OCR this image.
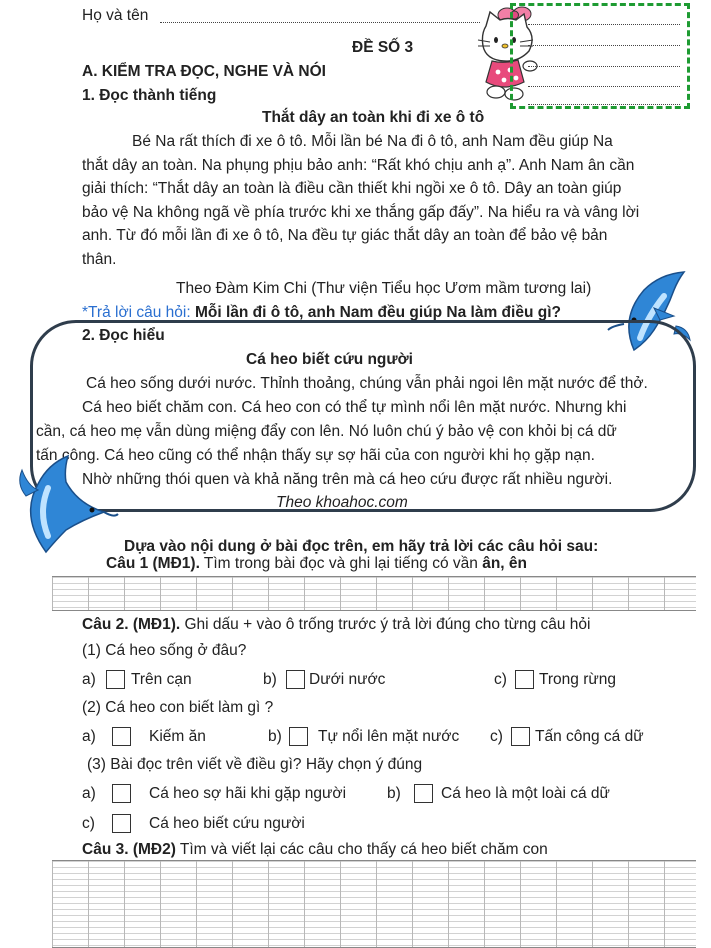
Họ và tên
ĐỀ SỐ 3
A. KIỂM TRA ĐỌC, NGHE VÀ NÓI
1. Đọc thành tiếng
Thắt dây an toàn khi đi xe ô tô
Bé Na rất thích đi xe ô tô. Mỗi lần bé Na đi ô tô, anh Nam đều giúp Na
thắt dây an toàn. Na phụng phịu bảo anh: “Rất khó chịu anh ạ”. Anh Nam ân cần
giải thích: “Thắt dây an toàn là điều cần thiết khi ngồi xe ô tô. Dây an toàn giúp
bảo vệ Na không ngã về phía trước khi xe thắng gấp đấy”. Na hiểu ra và vâng lời
anh. Từ đó mỗi lần đi xe ô tô, Na đều tự giác thắt dây an toàn để bảo vệ bản
thân.
Theo Đàm Kim Chi (Thư viện Tiểu học Ươm mầm tương lai)
*Trả lời câu hỏi: Mỗi lần đi ô tô, anh Nam đều giúp Na làm điều gì?
2. Đọc hiểu
Cá heo biết cứu người
Cá heo sống dưới nước. Thỉnh thoảng, chúng vẫn phải ngoi lên mặt nước để thở.
Cá heo biết chăm con. Cá heo con có thể tự mình nổi lên mặt nước. Nhưng khi
cần, cá heo mẹ vẫn dùng miệng đẩy con lên. Nó luôn chú ý bảo vệ con khỏi bị cá dữ
tấn công. Cá heo cũng có thể nhận thấy sự sợ hãi của con người khi họ gặp nạn.
Nhờ những thói quen và khả năng trên mà cá heo cứu được rất nhiều người.
Theo khoahoc.com
Dựa vào nội dung ở bài đọc trên, em hãy trả lời các câu hỏi sau:
Câu 1 (MĐ1). Tìm trong bài đọc và ghi lại tiếng có vần ân, ên
Câu 2. (MĐ1). Ghi dấu + vào ô trống trước ý trả lời đúng cho từng câu hỏi
(1) Cá heo sống ở đâu?
a) Trên cạn	b) Dưới nước	c) Trong rừng
(2) Cá heo con biết làm gì ?
a)	Kiếm ăn	b) Tự nổi lên mặt nước c) Tấn công cá dữ
(3) Bài đọc trên viết về điều gì? Hãy chọn ý đúng
a)	Cá heo sợ hãi khi gặp người	b)	Cá heo là một loài cá dữ
c)	Cá heo biết cứu người
Câu 3. (MĐ2) Tìm và viết lại các câu cho thấy cá heo biết chăm con
